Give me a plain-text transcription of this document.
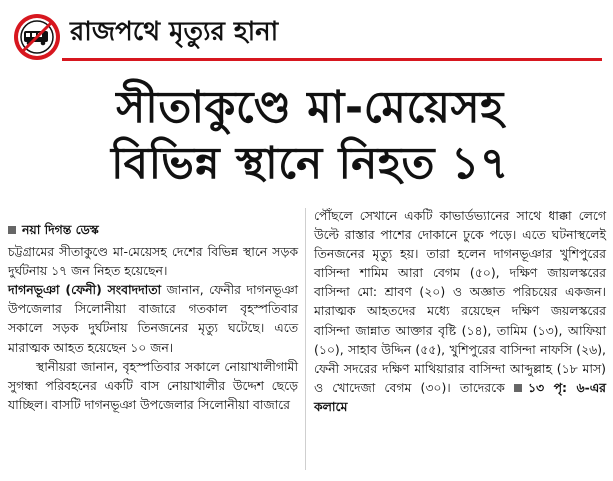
রাজপথে মৃত্যুর হানা
সীতাকুণ্ডে মা-মেয়েসহ
বিভিন্ন স্থানে নিহত ১৭
নয়া দিগন্ত ডেস্ক

চট্টগ্রামের সীতাকুণ্ডে মা-মেয়েসহ দেশের বিভিন্ন স্থানে সড়ক দুর্ঘটনায় ১৭ জন নিহত হয়েছেন।

দাগনভূঞা (ফেনী) সংবাদদাতা জানান, ফেনীর দাগনভূঞা উপজেলার সিলোনীয়া বাজারে গতকাল বৃহস্পতিবার সকালে সড়ক দুর্ঘটনায় তিনজনের মৃত্যু ঘটেছে। এতে মারাত্মক আহত হয়েছেন ১০ জন।

স্থানীয়রা জানান, বৃহস্পতিবার সকালে নোয়াখালীগামী সুগন্ধা পরিবহনের একটি বাস নোয়াখালীর উদ্দেশ ছেড়ে যাচ্ছিল। বাসটি দাগনভূঞা উপজেলার সিলোনীয়া বাজারে

পৌঁছলে সেখানে একটি কাভার্ডভ্যানের সাথে ধাক্কা লেগে উল্টে রাস্তার পাশের দোকানে ঢুকে পড়ে। এতে ঘটনাস্থলেই তিনজনের মৃত্যু হয়। তারা হলেন দাগনভূঞার খুশিপুরের বাসিন্দা শামিম আরা বেগম (৫০), দক্ষিণ জায়লস্করের বাসিন্দা মো: শ্রাবণ (২০) ও অজ্ঞাত পরিচয়ের একজন। মারাত্মক আহতদের মধ্যে রয়েছেন দক্ষিণ জয়লস্করের বাসিন্দা জান্নাত আক্তার বৃষ্টি (১৪), তামিম (১৩), আফিয়া (১০), সাহাব উদ্দিন (৫৫), খুশিপুরের বাসিন্দা নাফসি (২৬), ফেনী সদরের দক্ষিণ মাথিয়ারার বাসিন্দা আব্দুল্লাহ (১৮ মাস) ও খোদেজা বেগম (৩০)। তাদেরকে ১৩ পৃ: ৬-এর কলামে
